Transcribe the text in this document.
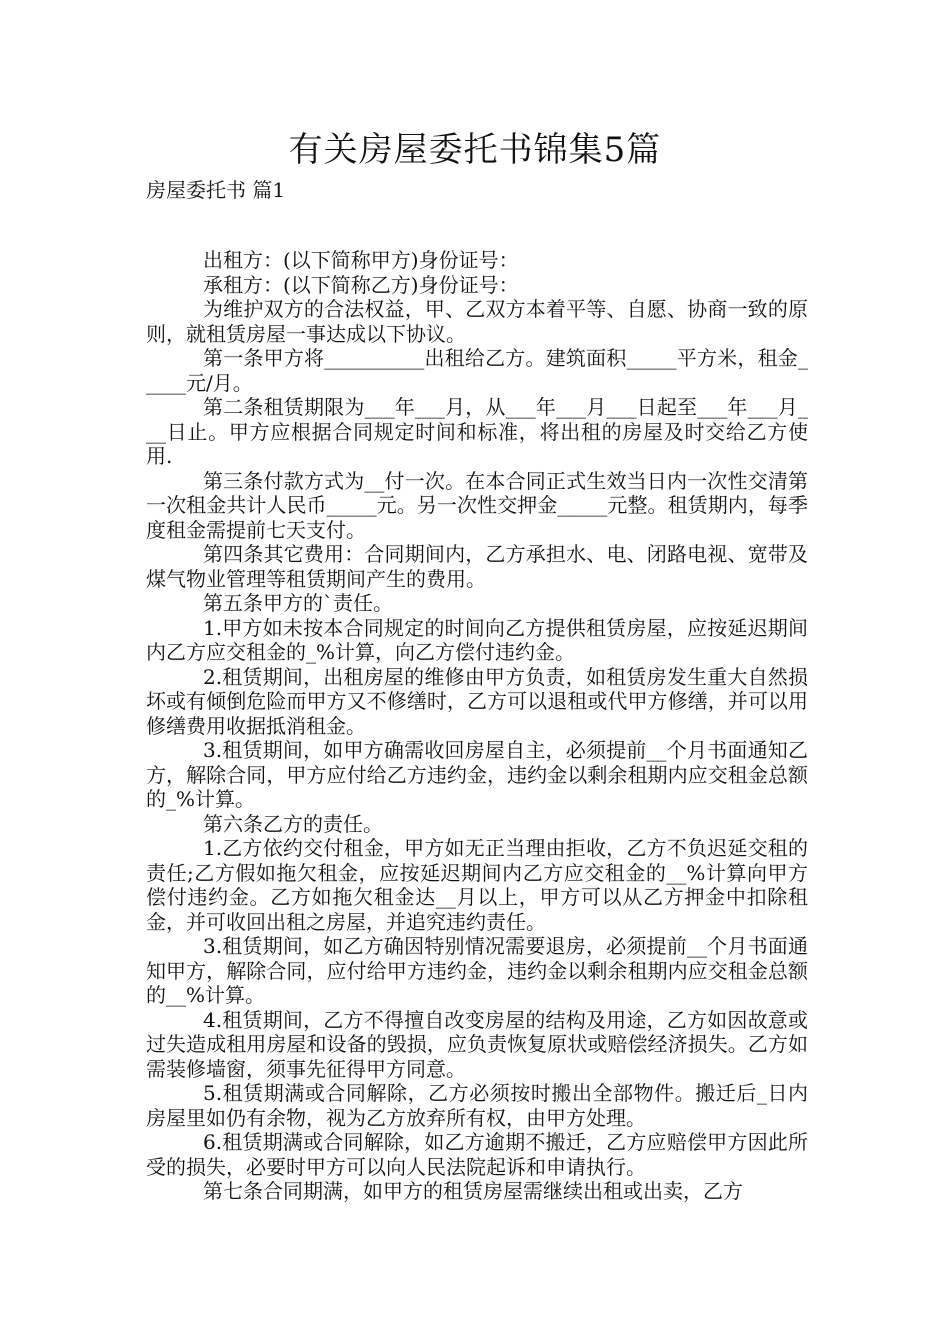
有关房屋委托书锦集5篇
房屋委托书 篇1

出租方：(以下简称甲方)身份证号：

承租方：(以下简称乙方)身份证号：

为维护双方的合法权益，甲、乙双方本着平等、自愿、协商一致的原则，就租赁房屋一事达成以下协议。

第一条甲方将__________出租给乙方。建筑面积_____平方米，租金_____元/月。

第二条租赁期限为___年___月，从___年___月___日起至___年___月___日止。甲方应根据合同规定时间和标准，将出租的房屋及时交给乙方使用.

第三条付款方式为__付一次。在本合同正式生效当日内一次性交清第一次租金共计人民币_____元。另一次性交押金_____元整。租赁期内，每季度租金需提前七天支付。

第四条其它费用：合同期间内，乙方承担水、电、闭路电视、宽带及煤气物业管理等租赁期间产生的费用。

第五条甲方的`责任。

1.甲方如未按本合同规定的时间向乙方提供租赁房屋，应按延迟期间内乙方应交租金的_%计算，向乙方偿付违约金。

2.租赁期间，出租房屋的维修由甲方负责，如租赁房发生重大自然损坏或有倾倒危险而甲方又不修缮时，乙方可以退租或代甲方修缮，并可以用修缮费用收据抵消租金。

3.租赁期间，如甲方确需收回房屋自主，必须提前__个月书面通知乙方，解除合同，甲方应付给乙方违约金，违约金以剩余租期内应交租金总额的_%计算。

第六条乙方的责任。

1.乙方依约交付租金，甲方如无正当理由拒收，乙方不负迟延交租的责任;乙方假如拖欠租金，应按延迟期间内乙方应交租金的__%计算向甲方偿付违约金。乙方如拖欠租金达__月以上，甲方可以从乙方押金中扣除租金，并可收回出租之房屋，并追究违约责任。

3.租赁期间，如乙方确因特别情况需要退房，必须提前__个月书面通知甲方，解除合同，应付给甲方违约金，违约金以剩余租期内应交租金总额的__%计算。

4.租赁期间，乙方不得擅自改变房屋的结构及用途，乙方如因故意或过失造成租用房屋和设备的毁损，应负责恢复原状或赔偿经济损失。乙方如需装修墙窗，须事先征得甲方同意。

5.租赁期满或合同解除，乙方必须按时搬出全部物件。搬迁后_日内房屋里如仍有余物，视为乙方放弃所有权，由甲方处理。

6.租赁期满或合同解除，如乙方逾期不搬迁，乙方应赔偿甲方因此所受的损失，必要时甲方可以向人民法院起诉和申请执行。

第七条合同期满，如甲方的租赁房屋需继续出租或出卖，乙方
